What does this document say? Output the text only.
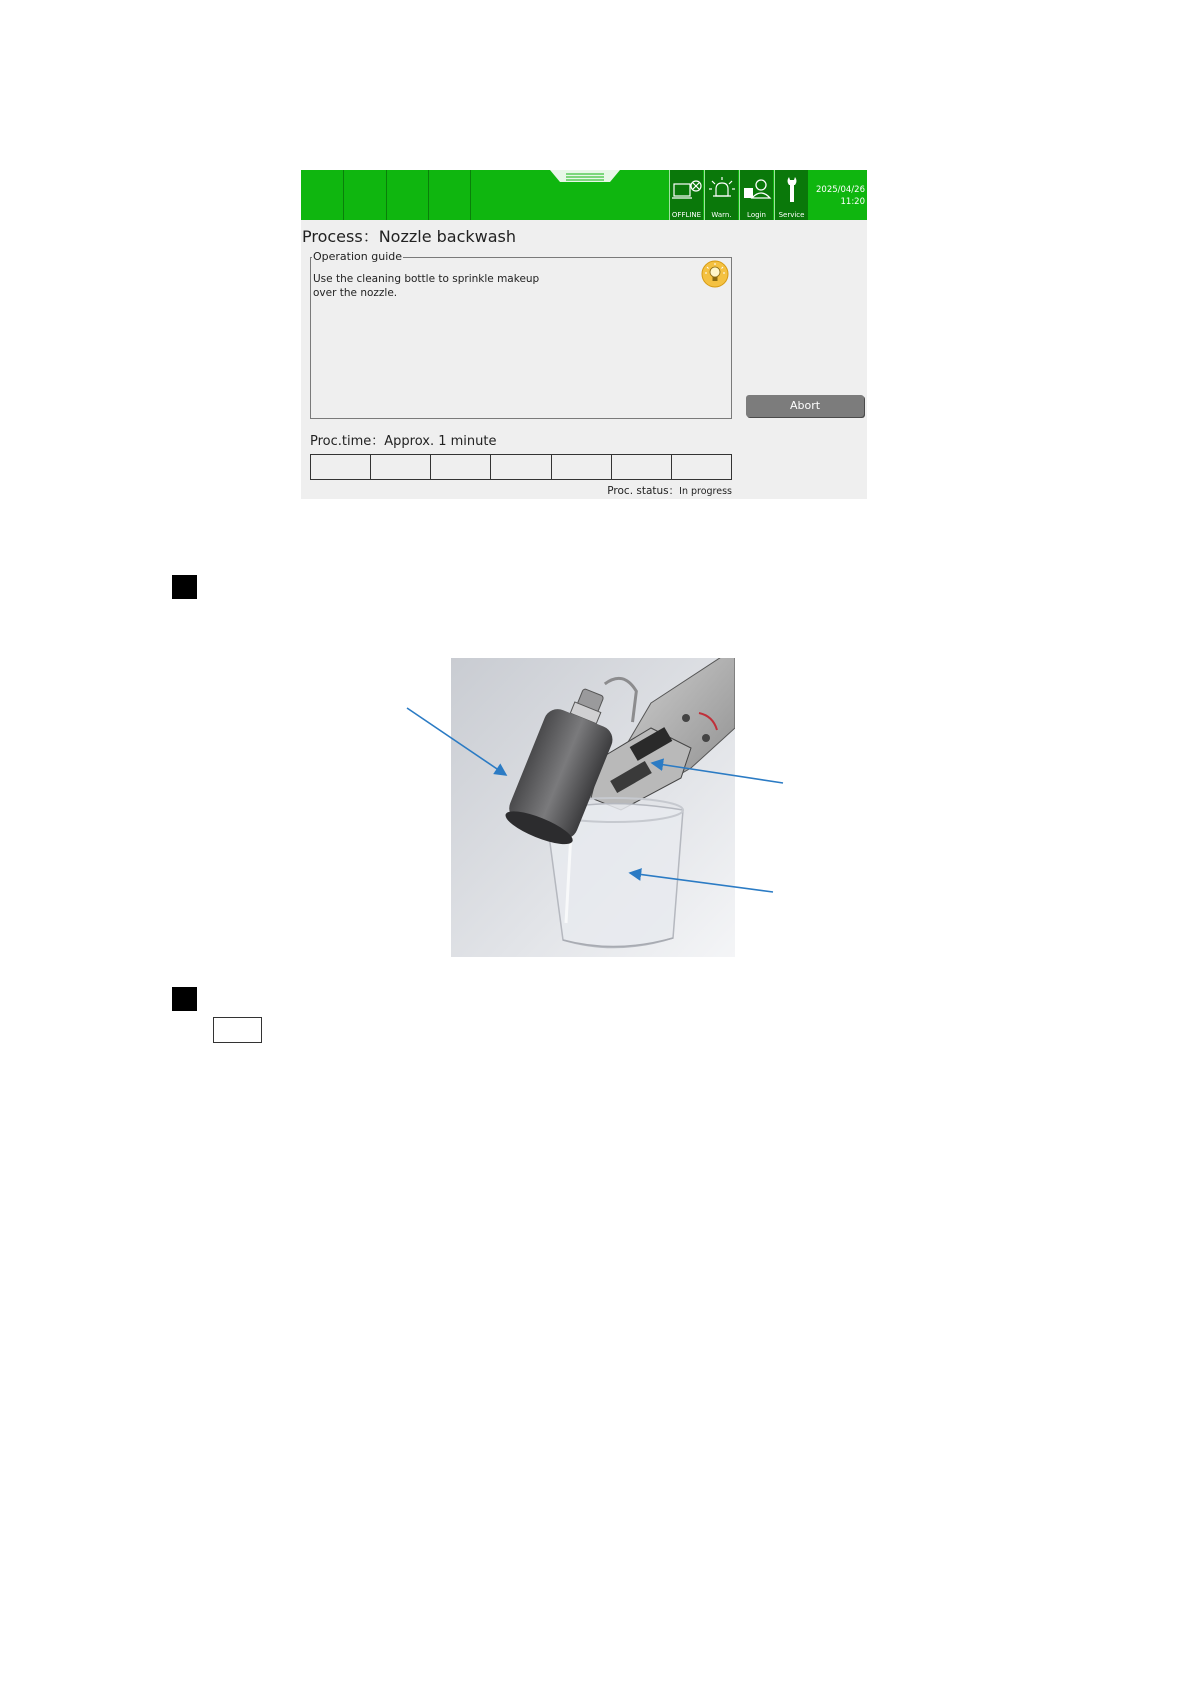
OFFLINE	Warn.	Login	Service
2025/04/26
11:20
Process：Nozzle backwash
Operation guide
Use the cleaning bottle to sprinkle makeup
over the nozzle.
Abort
Proc.time：Approx. 1 minute
Proc. status：In progress
